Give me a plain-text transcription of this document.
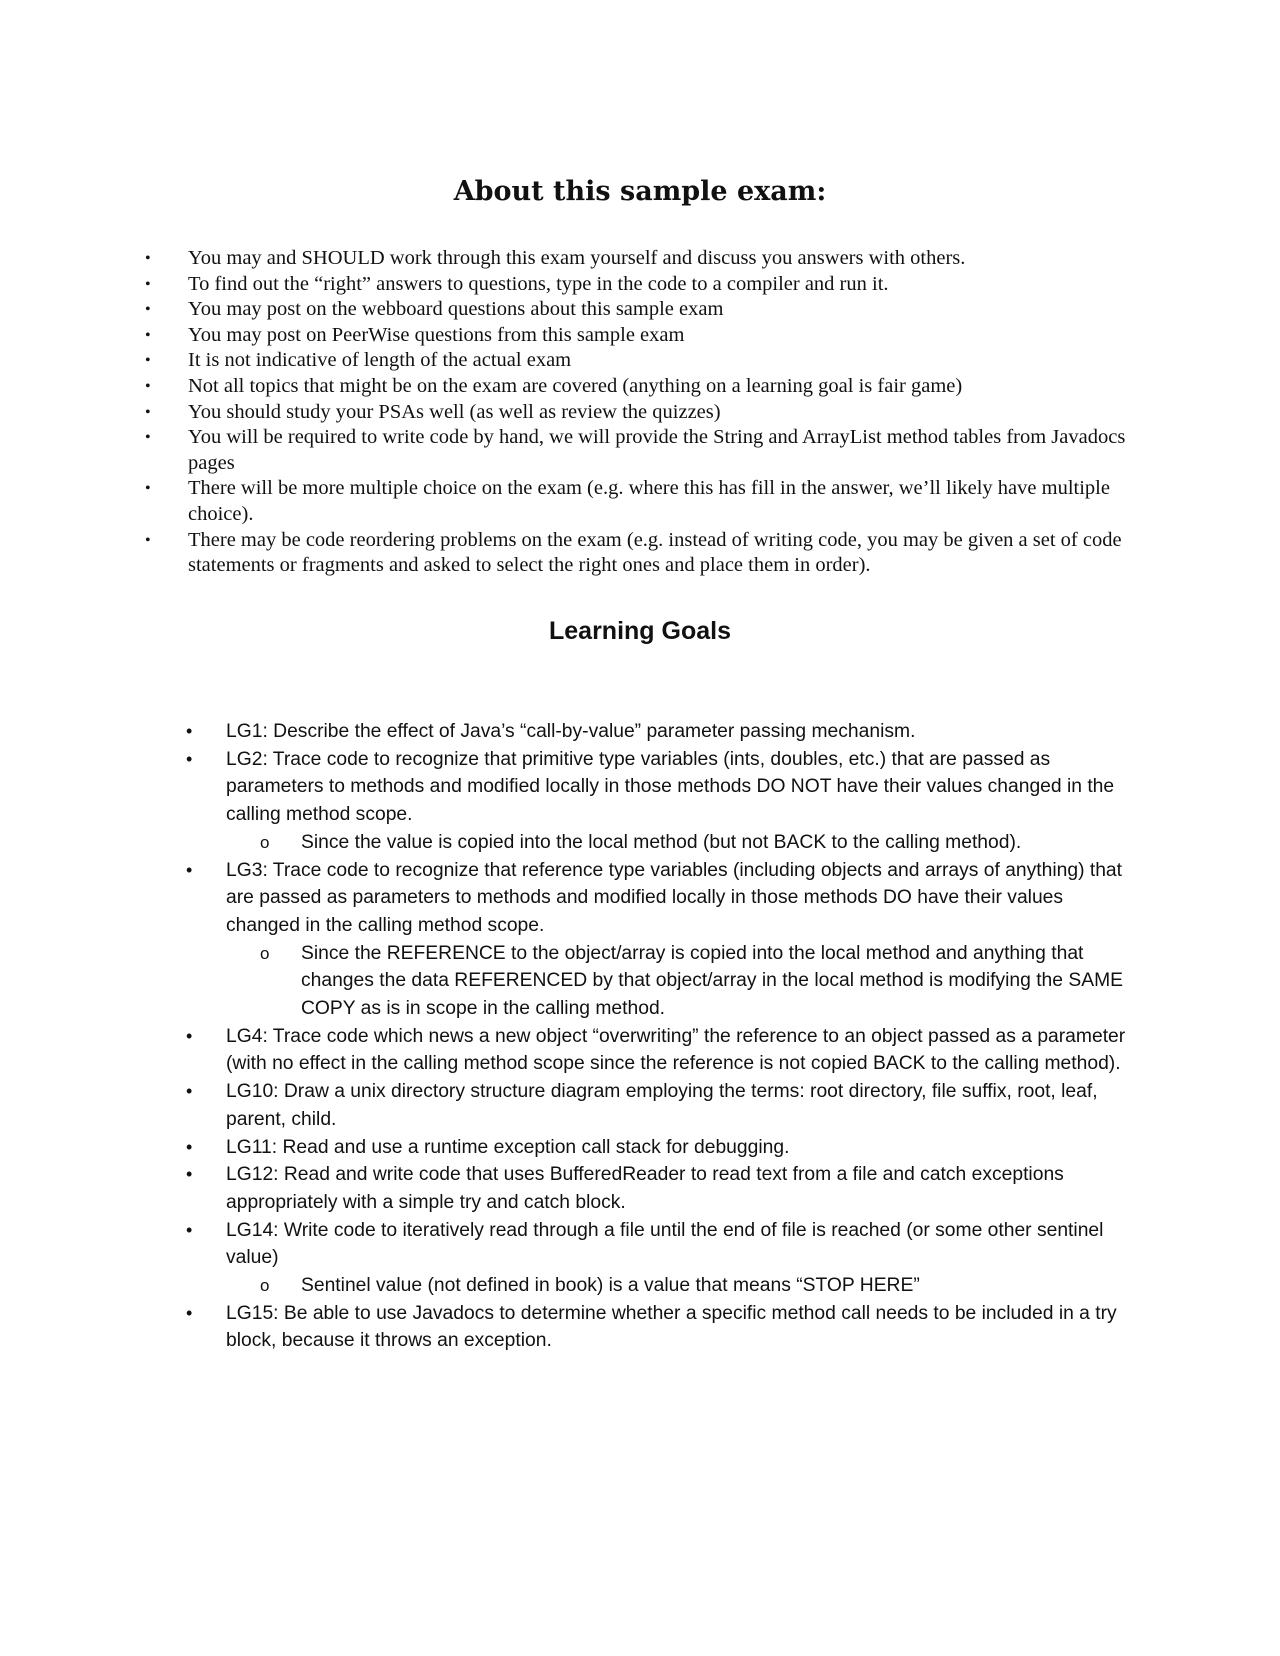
About this sample exam:
• You may and SHOULD work through this exam yourself and discuss you answers with others.
• To find out the “right” answers to questions, type in the code to a compiler and run it.
• You may post on the webboard questions about this sample exam
• You may post on PeerWise questions from this sample exam
• It is not indicative of length of the actual exam
• Not all topics that might be on the exam are covered (anything on a learning goal is fair game)
• You should study your PSAs well (as well as review the quizzes)
• You will be required to write code by hand, we will provide the String and ArrayList method tables from Javadocs pages
• There will be more multiple choice on the exam (e.g. where this has fill in the answer, we’ll likely have multiple choice).
• There may be code reordering problems on the exam (e.g. instead of writing code, you may be given a set of code statements or fragments and asked to select the right ones and place them in order).
Learning Goals
• LG1: Describe the effect of Java’s “call-by-value” parameter passing mechanism.
• LG2: Trace code to recognize that primitive type variables (ints, doubles, etc.) that are passed as parameters to methods and modified locally in those methods DO NOT have their values changed in the calling method scope.
o Since the value is copied into the local method (but not BACK to the calling method).
• LG3: Trace code to recognize that reference type variables (including objects and arrays of anything) that are passed as parameters to methods and modified locally in those methods DO have their values changed in the calling method scope.
o Since the REFERENCE to the object/array is copied into the local method and anything that changes the data REFERENCED by that object/array in the local method is modifying the SAME COPY as is in scope in the calling method.
• LG4: Trace code which news a new object “overwriting” the reference to an object passed as a parameter (with no effect in the calling method scope since the reference is not copied BACK to the calling method).
• LG10: Draw a unix directory structure diagram employing the terms: root directory, file suffix, root, leaf, parent, child.
• LG11: Read and use a runtime exception call stack for debugging.
• LG12: Read and write code that uses BufferedReader to read text from a file and catch exceptions appropriately with a simple try and catch block.
• LG14: Write code to iteratively read through a file until the end of file is reached (or some other sentinel value)
o Sentinel value (not defined in book) is a value that means “STOP HERE”
• LG15: Be able to use Javadocs to determine whether a specific method call needs to be included in a try block, because it throws an exception.
